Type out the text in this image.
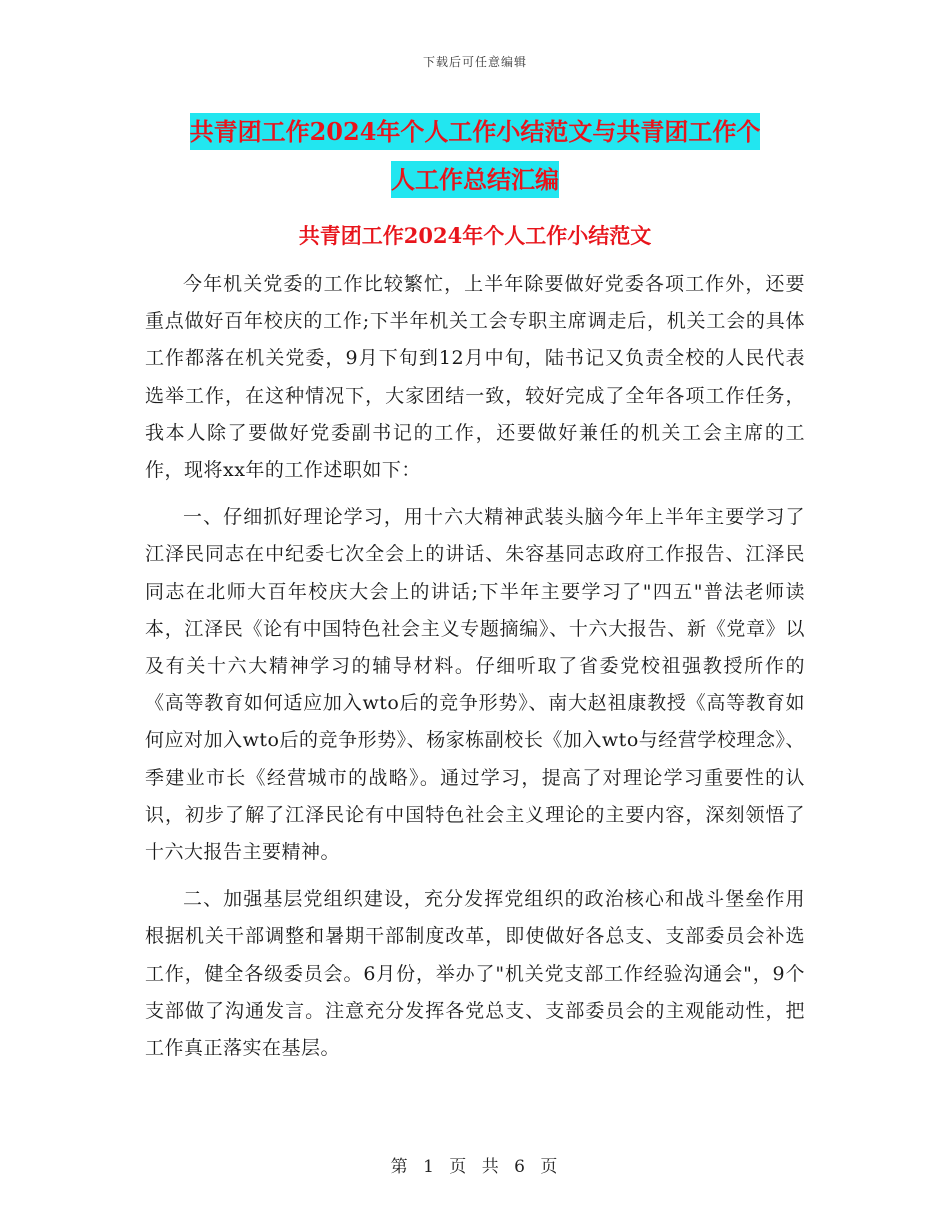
下载后可任意编辑
共青团工作2024年个人工作小结范文与共青团工作个
人工作总结汇编
共青团工作2024年个人工作小结范文

今年机关党委的工作比较繁忙，上半年除要做好党委各项工作外，还要重点做好百年校庆的工作;下半年机关工会专职主席调走后，机关工会的具体工作都落在机关党委，9月下旬到12月中旬，陆书记又负责全校的人民代表选举工作，在这种情况下，大家团结一致，较好完成了全年各项工作任务，我本人除了要做好党委副书记的工作，还要做好兼任的机关工会主席的工作，现将xx年的工作述职如下：

一、仔细抓好理论学习，用十六大精神武装头脑今年上半年主要学习了江泽民同志在中纪委七次全会上的讲话、朱容基同志政府工作报告、江泽民同志在北师大百年校庆大会上的讲话;下半年主要学习了"四五"普法老师读本，江泽民《论有中国特色社会主义专题摘编》、十六大报告、新《党章》以及有关十六大精神学习的辅导材料。仔细听取了省委党校祖强教授所作的《高等教育如何适应加入wto后的竞争形势》、南大赵祖康教授《高等教育如何应对加入wto后的竞争形势》、杨家栋副校长《加入wto与经营学校理念》、季建业市长《经营城市的战略》。通过学习，提高了对理论学习重要性的认识，初步了解了江泽民论有中国特色社会主义理论的主要内容，深刻领悟了十六大报告主要精神。

二、加强基层党组织建设，充分发挥党组织的政治核心和战斗堡垒作用根据机关干部调整和暑期干部制度改革，即使做好各总支、支部委员会补选工作，健全各级委员会。6月份，举办了"机关党支部工作经验沟通会"，9个支部做了沟通发言。注意充分发挥各党总支、支部委员会的主观能动性，把工作真正落实在基层。

第 1 页 共 6 页
